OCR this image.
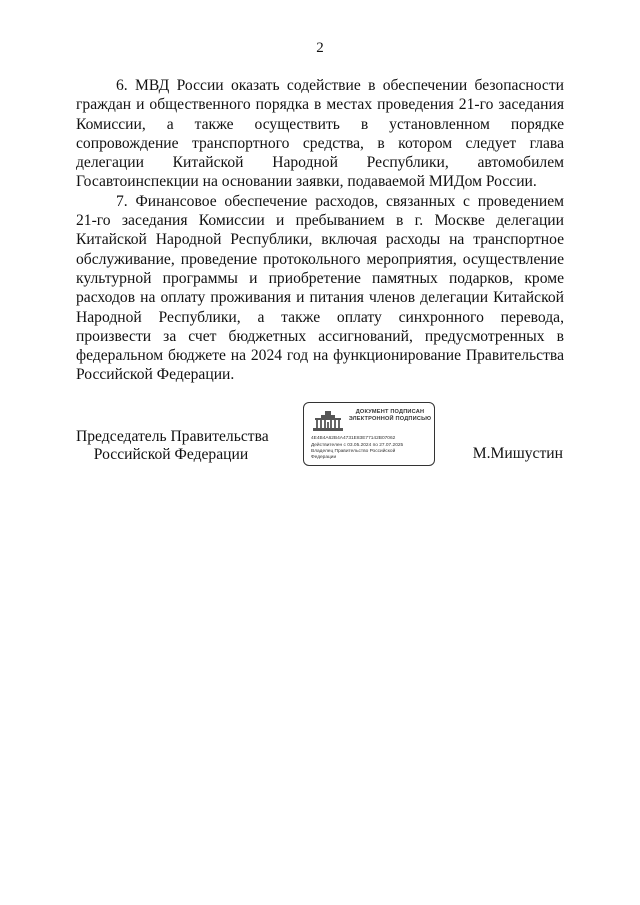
2

6. МВД России оказать содействие в обеспечении безопасности граждан и общественного порядка в местах проведения 21-го заседания Комиссии, а также осуществить в установленном порядке сопровождение транспортного средства, в котором следует глава делегации Китайской Народной Республики, автомобилем Госавтоинспекции на основании заявки, подаваемой МИДом России.

7. Финансовое обеспечение расходов, связанных с проведением 21-го заседания Комиссии и пребыванием в г. Москве делегации Китайской Народной Республики, включая расходы на транспортное обслуживание, проведение протокольного мероприятия, осуществление культурной программы и приобретение памятных подарков, кроме расходов на оплату проживания и питания членов делегации Китайской Народной Республики, а также оплату синхронного перевода, произвести за счет бюджетных ассигнований, предусмотренных в федеральном бюджете на 2024 год на функционирование Правительства Российской Федерации.

Председатель Правительства
Российской Федерации
ДОКУМЕНТ ПОДПИСАН
ЭЛЕКТРОННОЙ ПОДПИСЬЮ
4E4B4A62B4A4731E83E77142B07062
Действителен с 03.05.2024 по 27.07.2025
Владелец Правительство Российской
Федерации	М.Мишустин
